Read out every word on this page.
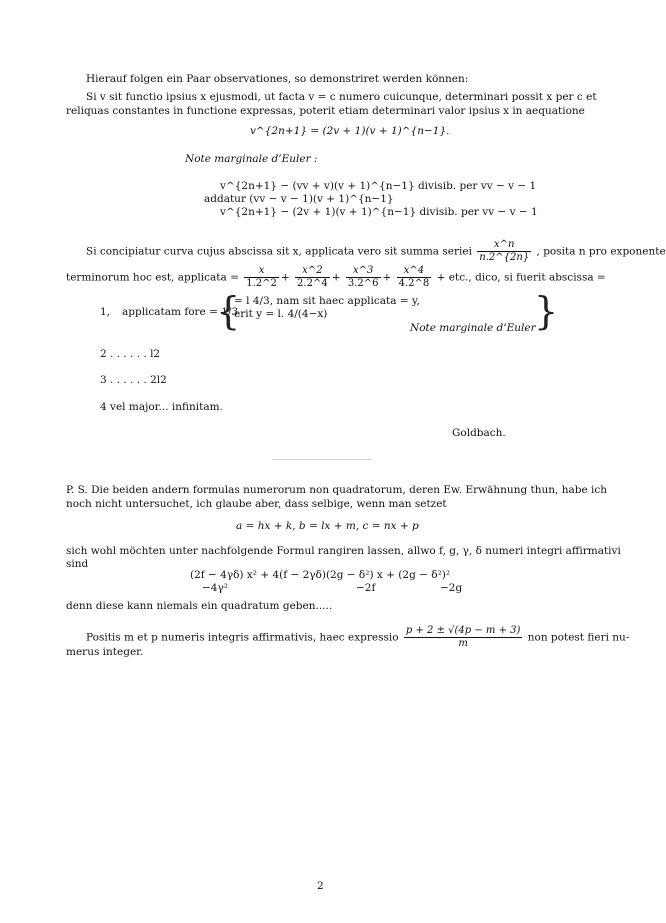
Hierauf folgen ein Paar observationes, so demonstriret werden können:
Si v sit functio ipsius x ejusmodi, ut facta v = c numero cuicunque, determinari possit x per c et
reliquas constantes in functione expressas, poterit etiam determinari valor ipsius x in aequatione
v^{2n+1} = (2v + 1)(v + 1)^{n−1}.
Note marginale d’Euler :
v^{2n+1} − (vv + v)(v + 1)^{n−1} divisib. per vv − v − 1
addatur (vv − v − 1)(v + 1)^{n−1}
v^{2n+1} − (2v + 1)(v + 1)^{n−1} divisib. per vv − v − 1
Si concipiatur curva cujus abscissa sit x, applicata vero sit summa seriei $\frac{x\^{}n}{n.2\^{}\{2n\}}$ , posita n pro exponente
terminorum hoc est, applicata = $\frac{x}{1.2\^{}2} + \frac{x\^{}2}{2.2\^{}4} + \frac{x\^{}3}{3.2\^{}6} + \frac{x\^{}4}{4.2\^{}8}$ + etc., dico, si fuerit abscissa =
1, applicatam fore = 1/3
{
= l 4/3, nam sit haec applicata = y,
erit y = l. 4/(4−x)
Note marginale d’Euler
}
2 . . . . . . l2
3 . . . . . . 2l2
4 vel major... infinitam.
Goldbach.
P. S. Die beiden andern formulas numerorum non quadratorum, deren Ew. Erwähnung thun, habe ich
noch nicht untersuchet, ich glaube aber, dass selbige, wenn man setzet
a = hx + k, b = lx + m, c = nx + p
sich wohl möchten unter nachfolgende Formul rangiren lassen, allwo f, g, γ, δ numeri integri affirmativi
sind
(2f − 4γδ) x² + 4(f − 2γδ)(2g − δ²) x + (2g − δ²)²
−4γ²	−2f	−2g
denn diese kann niemals ein quadratum geben.....
Positis m et p numeris integris affirmativis, haec expressio $\frac{p + 2 \pm √(4p - m + 3)}{m}$ non potest fieri nu-
merus integer.
2
